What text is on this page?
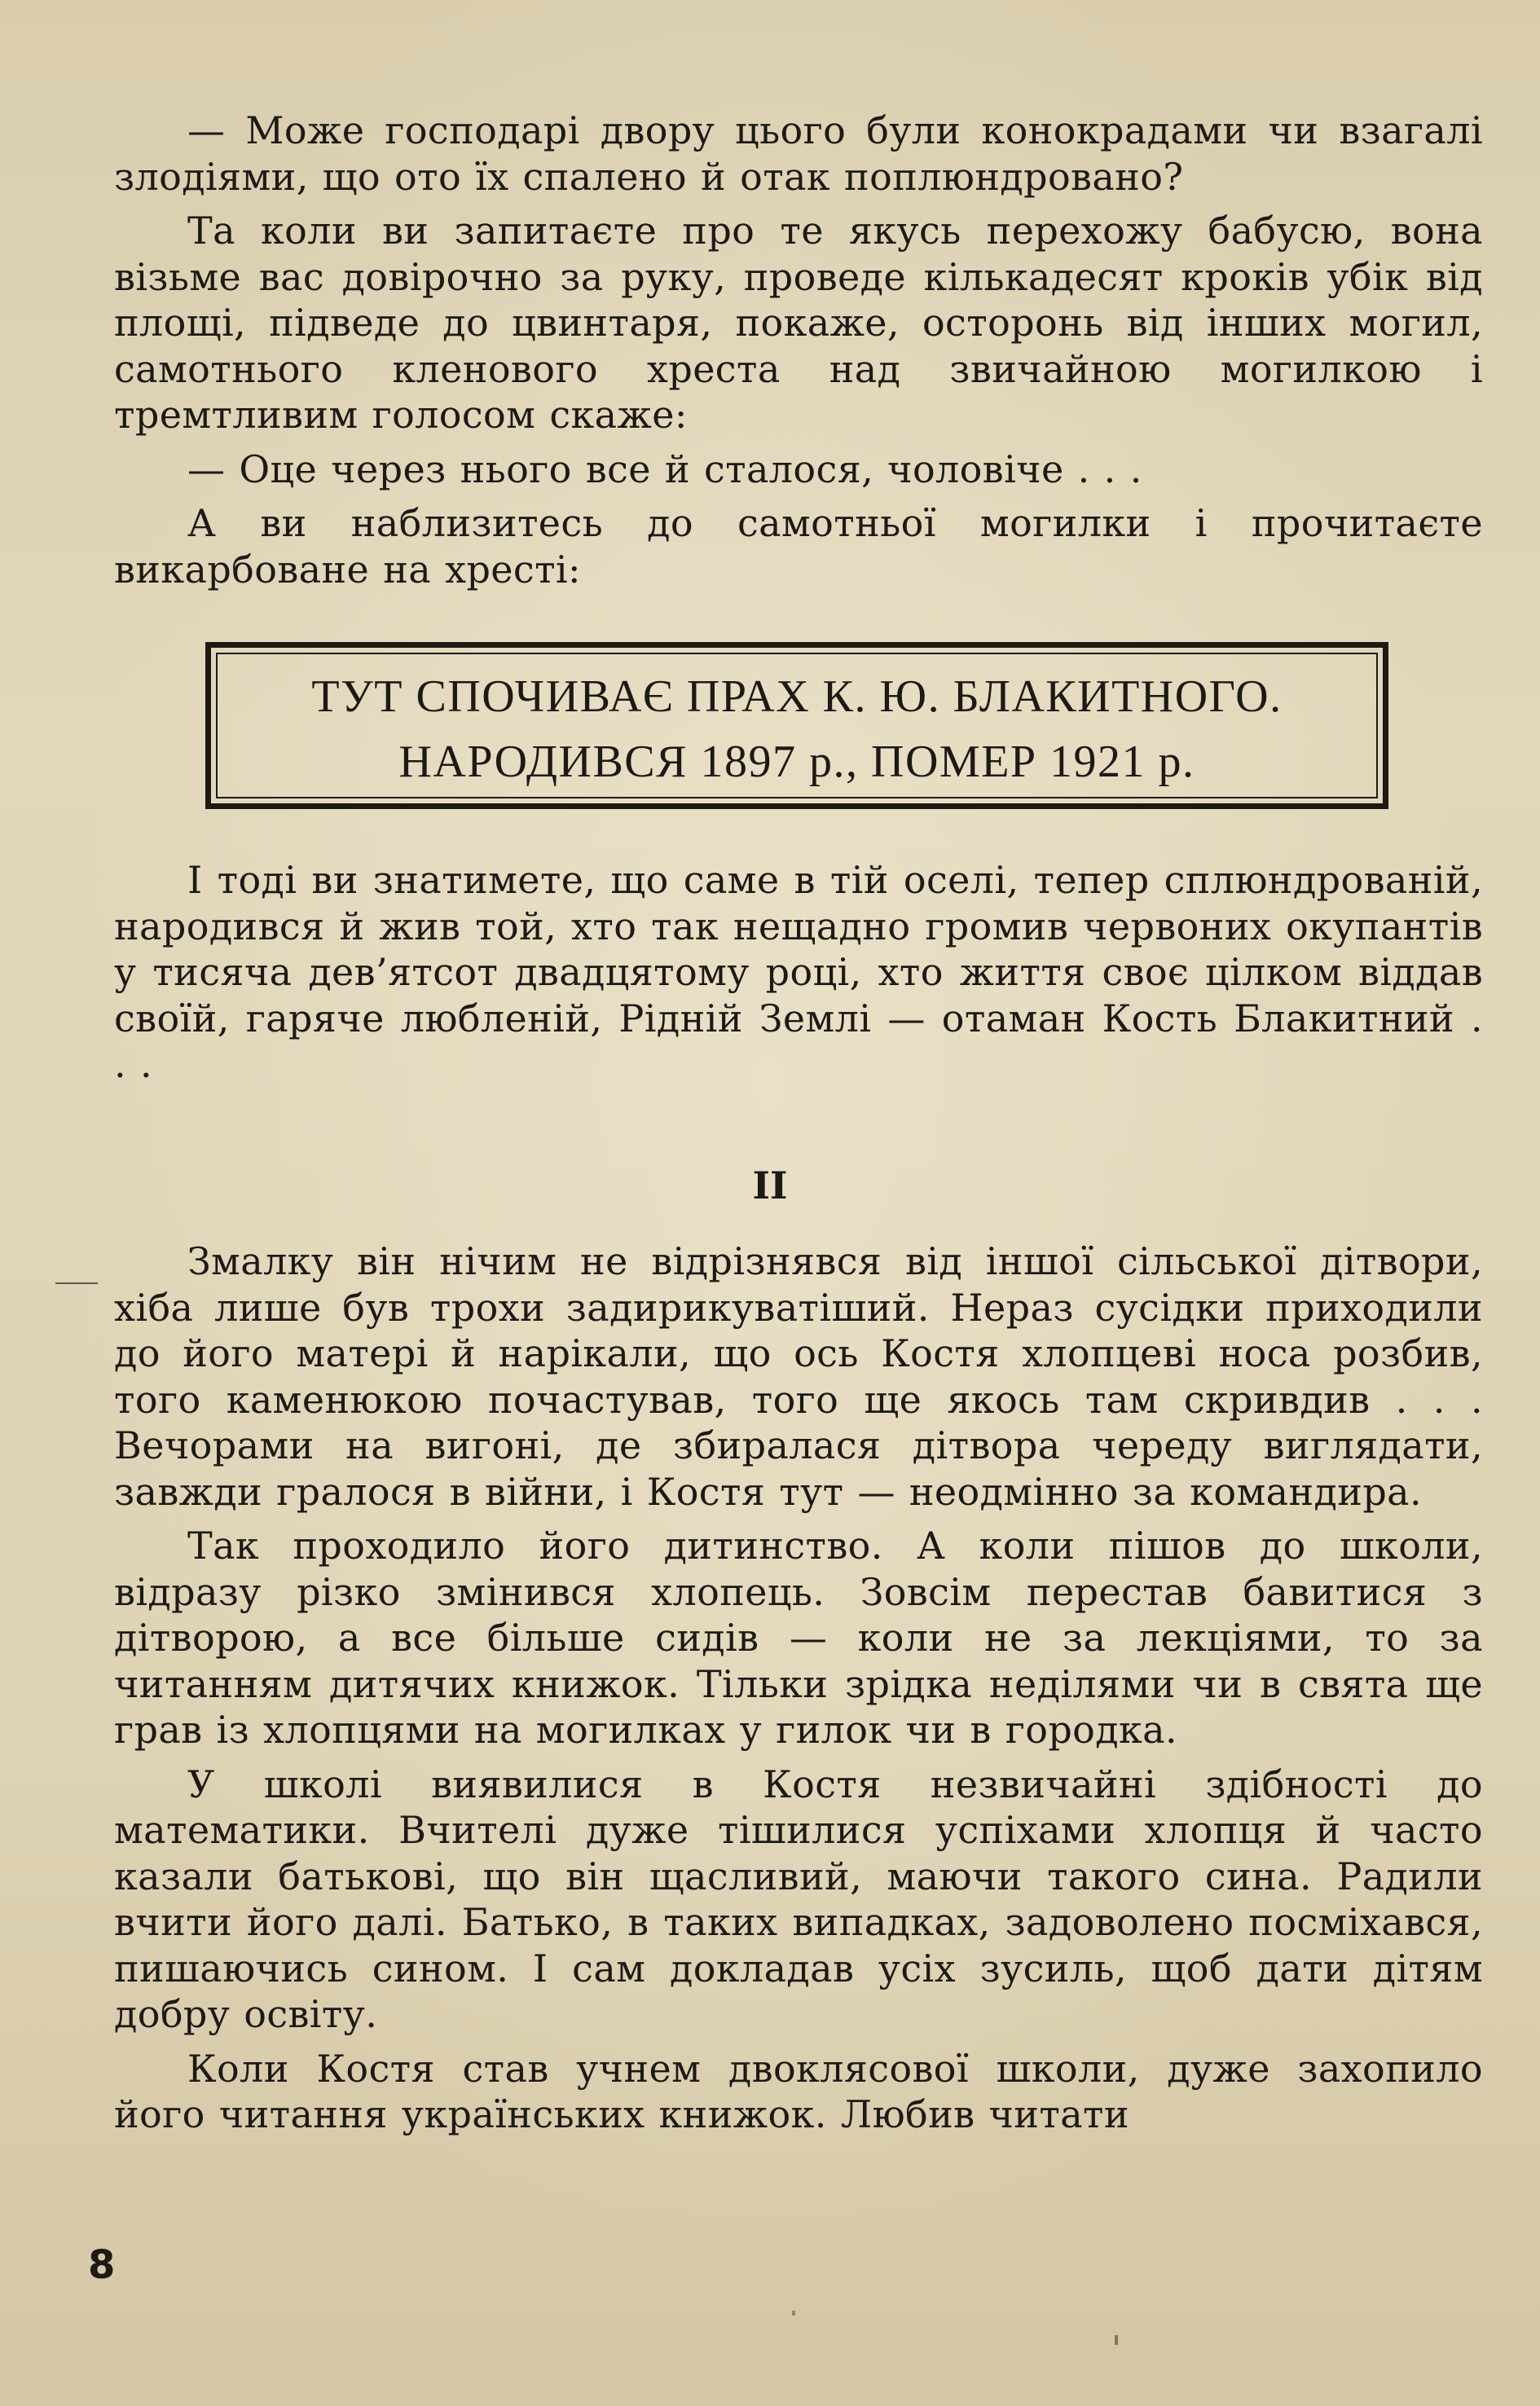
— Може господарі двору цього були конокрадами чи взагалі злодіями, що ото їх спалено й отак поплюндровано?

Та коли ви запитаєте про те якусь перехожу бабусю, вона візьме вас довірочно за руку, проведе кількадесят кроків убік від площі, підведе до цвинтаря, покаже, осторонь від інших могил, самотнього кленового хреста над звичайною могилкою і тремтливим голосом скаже:

— Оце через нього все й сталося, чоловіче . . .

А ви наблизитесь до самотньої могилки і прочитаєте викарбоване на хресті:

ТУТ СПОЧИВАЄ ПРАХ К. Ю. БЛАКИТНОГО.
НАРОДИВСЯ 1897 р., ПОМЕР 1921 р.

І тоді ви знатимете, що саме в тій оселі, тепер сплюндрованій, народився й жив той, хто так нещадно громив червоних окупантів у тисяча дев’ятсот двадцятому році, хто життя своє цілком віддав своїй, гаряче любленій, Рідній Землі — отаман Кость Блакитний . . .

II

Змалку він нічим не відрізнявся від іншої сільської дітвори, хіба лише був трохи задирикуватіший. Нераз сусідки приходили до його матері й нарікали, що ось Костя хлопцеві носа розбив, того каменюкою почастував, того ще якось там скривдив . . . Вечорами на вигоні, де збиралася дітвора череду виглядати, завжди гралося в війни, і Костя тут — неодмінно за командира.

Так проходило його дитинство. А коли пішов до школи, відразу різко змінився хлопець. Зовсім перестав бавитися з дітворою, а все більше сидів — коли не за лекціями, то за читанням дитячих книжок. Тільки зрідка неділями чи в свята ще грав із хлопцями на могилках у гилок чи в городка.

У школі виявилися в Костя незвичайні здібності до математики. Вчителі дуже тішилися успіхами хлопця й часто казали батькові, що він щасливий, маючи такого сина. Радили вчити його далі. Батько, в таких випадках, задоволено посміхався, пишаючись сином. І сам докладав усіх зусиль, щоб дати дітям добру освіту.

Коли Костя став учнем двоклясової школи, дуже захопило його читання українських книжок. Любив читати

8
